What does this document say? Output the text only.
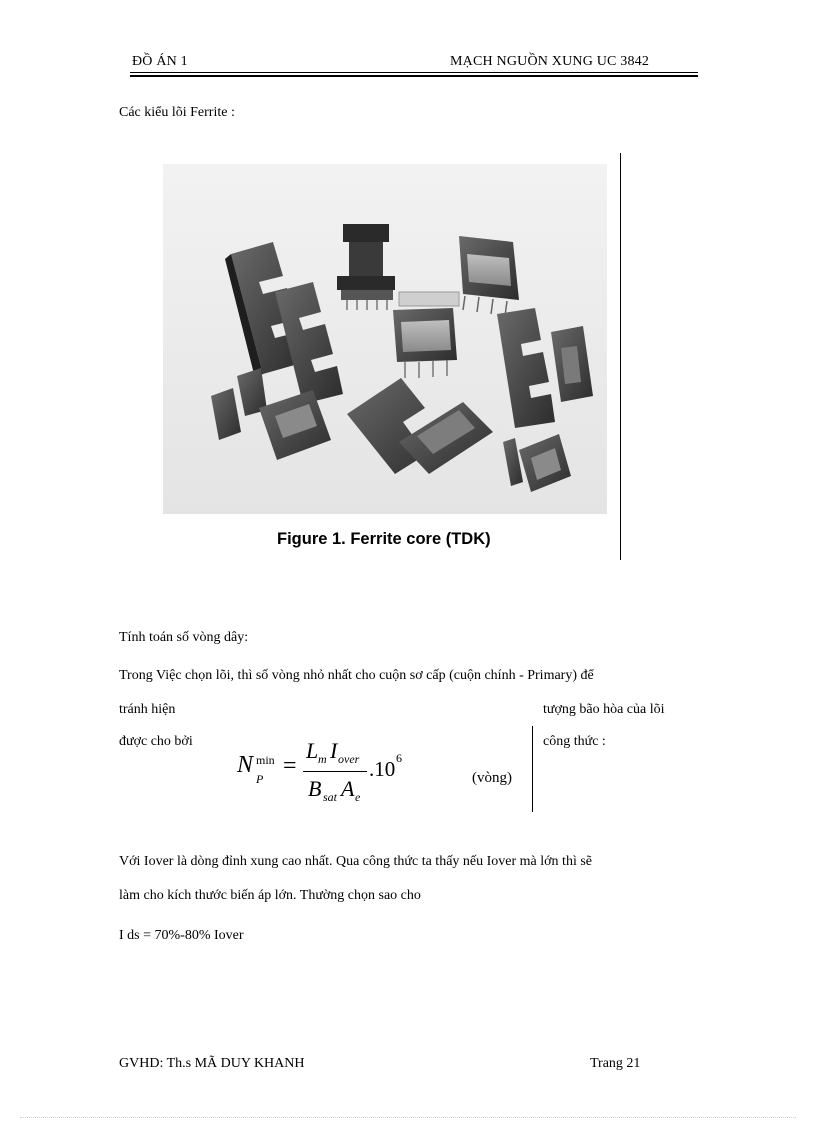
ĐỒ ÁN 1	MẠCH NGUỒN XUNG UC 3842
Các kiểu lõi Ferrite :
Figure 1. Ferrite core (TDK)
Tính toán số vòng dây:
Trong Việc chọn lõi, thì số vòng nhỏ nhất cho cuộn sơ cấp (cuộn chính - Primary) để
tránh hiện	tượng bão hòa của lõi
được cho bởi	công thức :
N min
P =
L m I over
B sat A e
.10 6
(vòng)
Với Iover là dòng đỉnh xung cao nhất. Qua công thức ta thấy nếu Iover mà lớn thì sẽ
làm cho kích thước biến áp lớn. Thường chọn sao cho
I ds = 70%-80% Iover
GVHD: Th.s MÃ DUY KHANH	Trang 21
